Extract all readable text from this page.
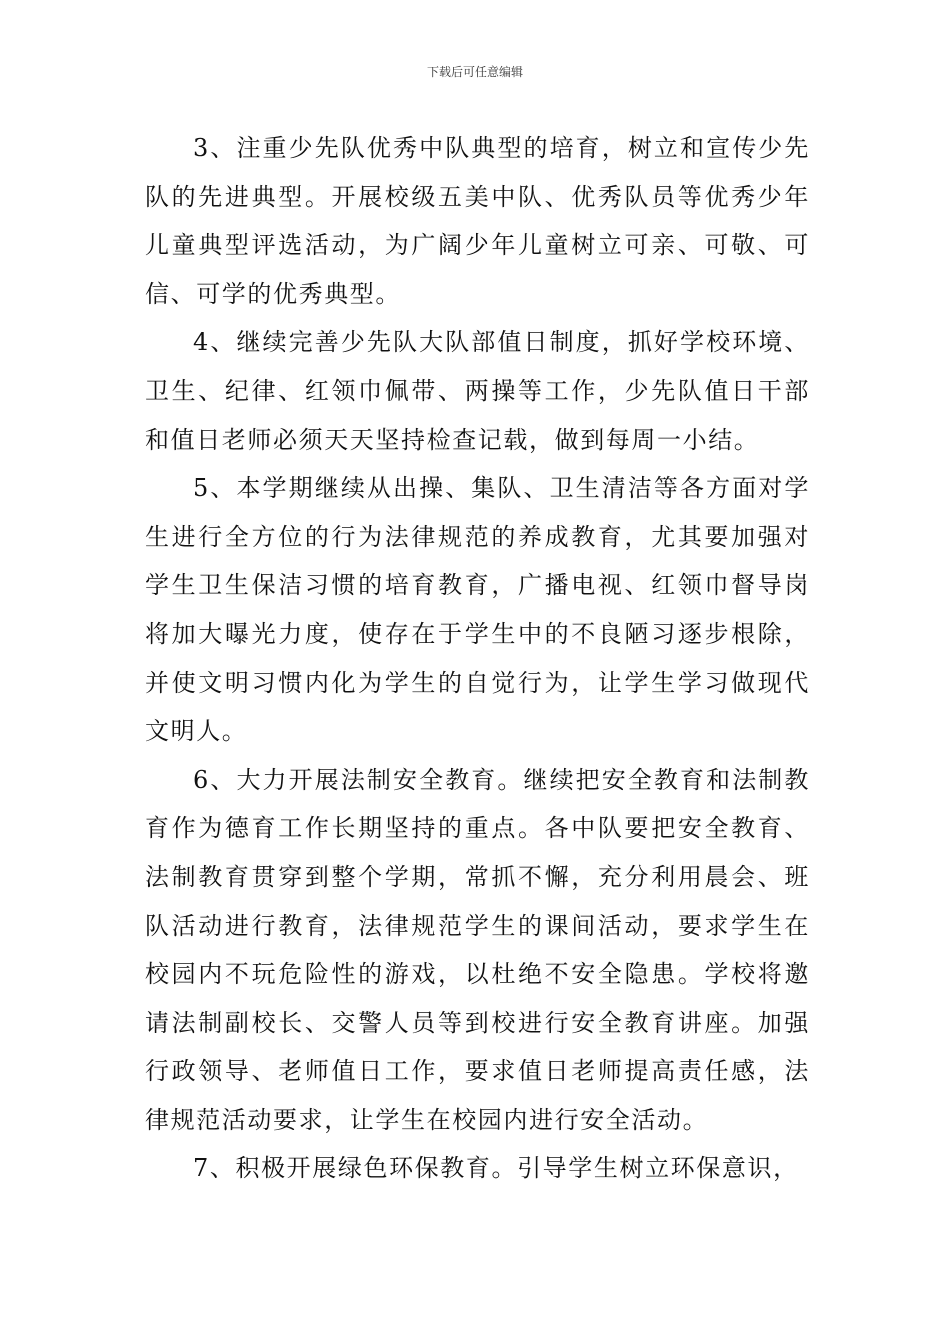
下载后可任意编辑

3、注重少先队优秀中队典型的培育，树立和宣传少先队的先进典型。开展校级五美中队、优秀队员等优秀少年儿童典型评选活动，为广阔少年儿童树立可亲、可敬、可信、可学的优秀典型。

4、继续完善少先队大队部值日制度，抓好学校环境、卫生、纪律、红领巾佩带、两操等工作，少先队值日干部和值日老师必须天天坚持检查记载，做到每周一小结。

5、本学期继续从出操、集队、卫生清洁等各方面对学生进行全方位的行为法律规范的养成教育，尤其要加强对学生卫生保洁习惯的培育教育，广播电视、红领巾督导岗将加大曝光力度，使存在于学生中的不良陋习逐步根除，并使文明习惯内化为学生的自觉行为，让学生学习做现代文明人。

6、大力开展法制安全教育。继续把安全教育和法制教育作为德育工作长期坚持的重点。各中队要把安全教育、法制教育贯穿到整个学期，常抓不懈，充分利用晨会、班队活动进行教育，法律规范学生的课间活动，要求学生在校园内不玩危险性的游戏，以杜绝不安全隐患。学校将邀请法制副校长、交警人员等到校进行安全教育讲座。加强行政领导、老师值日工作，要求值日老师提高责任感，法律规范活动要求，让学生在校园内进行安全活动。

7、积极开展绿色环保教育。引导学生树立环保意识，
